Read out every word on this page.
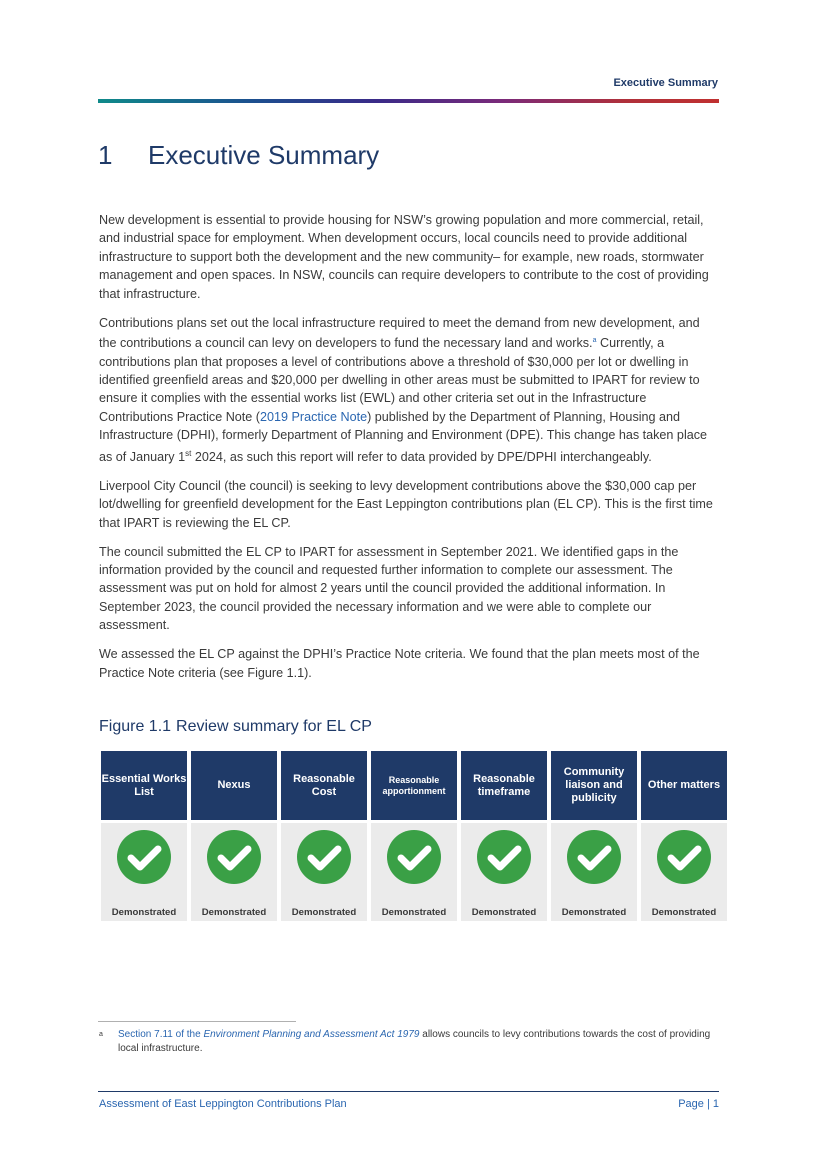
Executive Summary
1 Executive Summary

New development is essential to provide housing for NSW’s growing population and more commercial, retail, and industrial space for employment. When development occurs, local councils need to provide additional infrastructure to support both the development and the new community– for example, new roads, stormwater management and open spaces. In NSW, councils can require developers to contribute to the cost of providing that infrastructure.

Contributions plans set out the local infrastructure required to meet the demand from new development, and the contributions a council can levy on developers to fund the necessary land and works.$^a$ Currently, a contributions plan that proposes a level of contributions above a threshold of $30,000 per lot or dwelling in identified greenfield areas and $20,000 per dwelling in other areas must be submitted to IPART for review to ensure it complies with the essential works list (EWL) and other criteria set out in the Infrastructure Contributions Practice Note (2019 Practice Note) published by the Department of Planning, Housing and Infrastructure (DPHI), formerly Department of Planning and Environment (DPE). This change has taken place as of January 1st 2024, as such this report will refer to data provided by DPE/DPHI interchangeably.

Liverpool City Council (the council) is seeking to levy development contributions above the $30,000 cap per lot/dwelling for greenfield development for the East Leppington contributions plan (EL CP). This is the first time that IPART is reviewing the EL CP.

The council submitted the EL CP to IPART for assessment in September 2021. We identified gaps in the information provided by the council and requested further information to complete our assessment. The assessment was put on hold for almost 2 years until the council provided the additional information. In September 2023, the council provided the necessary information and we were able to complete our assessment.

We assessed the EL CP against the DPHI’s Practice Note criteria. We found that the plan meets most of the Practice Note criteria (see Figure 1.1).

Figure 1.1 Review summary for EL CP
Essential Works List
Demonstrated
Nexus
Demonstrated
Reasonable Cost
Demonstrated
Reasonable apportionment
Demonstrated
Reasonable timeframe
Demonstrated
Community liaison and publicity
Demonstrated
Other matters
Demonstrated
a Section 7.11 of the Environment Planning and Assessment Act 1979 allows councils to levy contributions towards the cost of providing local infrastructure.
Assessment of East Leppington Contributions Plan	Page | 1
